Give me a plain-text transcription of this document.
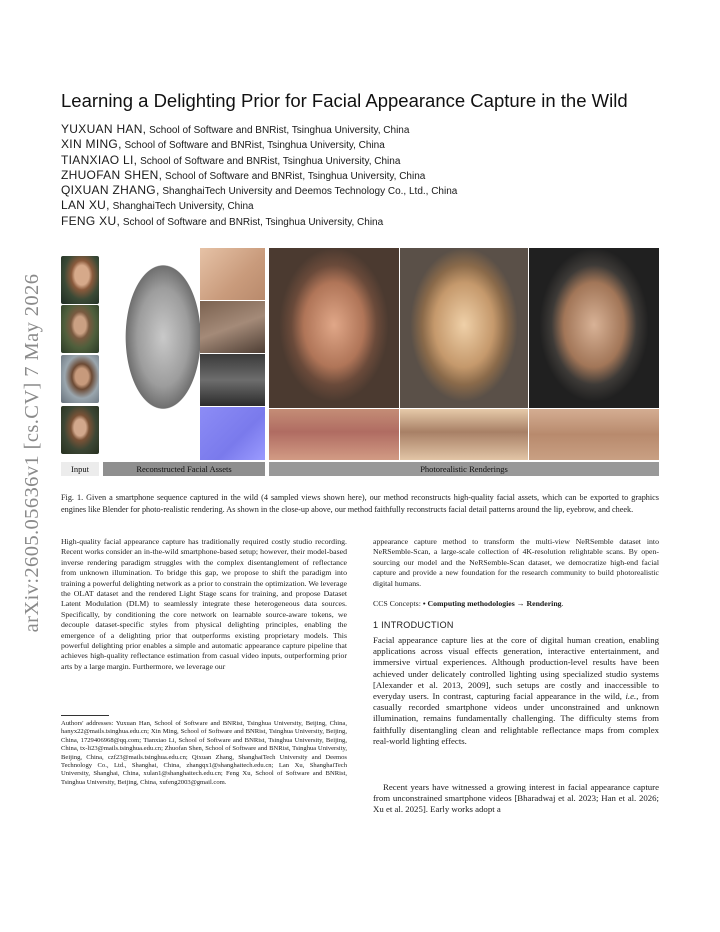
arXiv:2605.05636v1 [cs.CV] 7 May 2026
Learning a Delighting Prior for Facial Appearance Capture in the Wild
YUXUAN HAN, School of Software and BNRist, Tsinghua University, China
XIN MING, School of Software and BNRist, Tsinghua University, China
TIANXIAO LI, School of Software and BNRist, Tsinghua University, China
ZHUOFAN SHEN, School of Software and BNRist, Tsinghua University, China
QIXUAN ZHANG, ShanghaiTech University and Deemos Technology Co., Ltd., China
LAN XU, ShanghaiTech University, China
FENG XU, School of Software and BNRist, Tsinghua University, China
Input	Reconstructed Facial Assets	Photorealistic Renderings
Fig. 1. Given a smartphone sequence captured in the wild (4 sampled views shown here), our method reconstructs high-quality facial assets, which can be exported to graphics engines like Blender for photo-realistic rendering. As shown in the close-up above, our method faithfully reconstructs facial detail patterns around the lip, eyebrow, and cheek.
High-quality facial appearance capture has traditionally required costly studio recording. Recent works consider an in-the-wild smartphone-based setup; however, their model-based inverse rendering paradigm struggles with the complex disentanglement of reflectance from unknown illumination. To bridge this gap, we propose to shift the paradigm into training a powerful delighting network as a prior to constrain the optimization. We leverage the OLAT dataset and the rendered Light Stage scans for training, and propose Dataset Latent Modulation (DLM) to seamlessly integrate these heterogeneous data sources. Specifically, by conditioning the core network on learnable source-aware tokens, we decouple dataset-specific styles from physical delighting principles, enabling the emergence of a delighting prior that outperforms existing proprietary models. This powerful delighting prior enables a simple and automatic appearance capture pipeline that achieves high-quality reflectance estimation from casual video inputs, outperforming prior arts by a large margin. Furthermore, we leverage our
appearance capture method to transform the multi-view NeRSemble dataset into NeRSemble-Scan, a large-scale collection of 4K-resolution relightable scans. By open-sourcing our model and the NeRSemble-Scan dataset, we democratize high-end facial capture and provide a new foundation for the research community to build photorealistic digital humans.
CCS Concepts: • Computing methodologies → Rendering.
1 INTRODUCTION
Facial appearance capture lies at the core of digital human creation, enabling applications across visual effects generation, interactive entertainment, and immersive virtual experiences. Although production-level results have been achieved under delicately controlled lighting using specialized studio systems [Alexander et al. 2013, 2009], such setups are costly and inaccessible to everyday users. In contrast, capturing facial appearance in the wild, i.e., from casually recorded smartphone videos under unconstrained and unknown illumination, remains fundamentally challenging. The difficulty stems from faithfully disentangling clean and relightable reflectance maps from complex real-world lighting effects.
Recent years have witnessed a growing interest in facial appearance capture from unconstrained smartphone videos [Bharadwaj et al. 2023; Han et al. 2026; Xu et al. 2025]. Early works adopt a
Authors' addresses: Yuxuan Han, School of Software and BNRist, Tsinghua University, Beijing, China, hanyx22@mails.tsinghua.edu.cn; Xin Ming, School of Software and BNRist, Tsinghua University, Beijing, China, 1729406968@qq.com; Tianxiao Li, School of Software and BNRist, Tsinghua University, Beijing, China, tx-li23@mails.tsinghua.edu.cn; Zhuofan Shen, School of Software and BNRist, Tsinghua University, Beijing, China, czf23@mails.tsinghua.edu.cn; Qixuan Zhang, ShanghaiTech University and Deemos Technology Co., Ltd., Shanghai, China, zhangqx1@shanghaitech.edu.cn; Lan Xu, ShanghaiTech University, Shanghai, China, xulan1@shanghaitech.edu.cn; Feng Xu, School of Software and BNRist, Tsinghua University, Beijing, China, xufeng2003@gmail.com.
